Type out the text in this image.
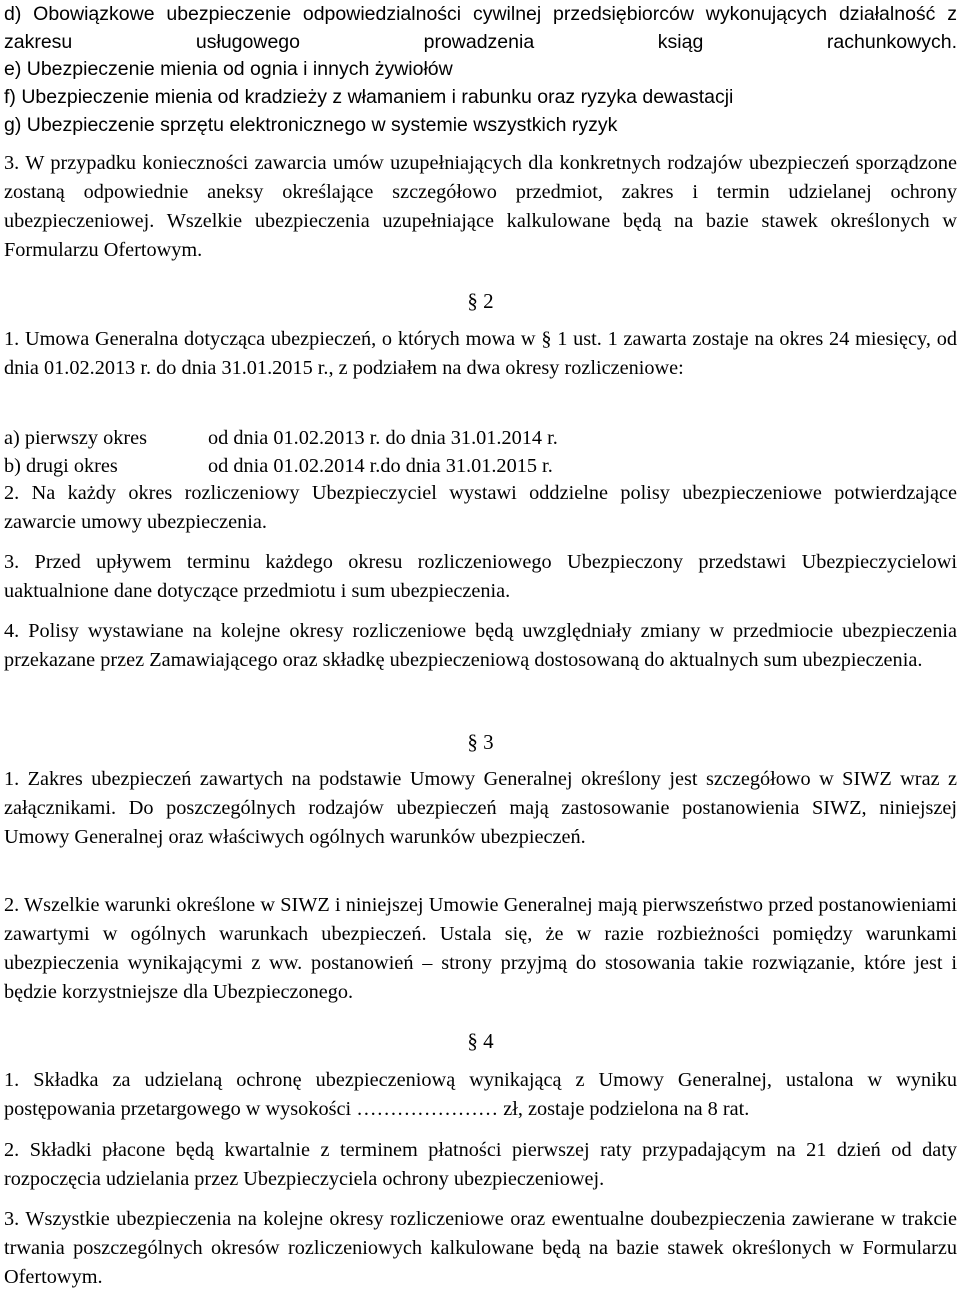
d) Obowiązkowe ubezpieczenie odpowiedzialności cywilnej przedsiębiorców wykonujących działalność z zakresu usługowego prowadzenia ksiąg rachunkowych.

e) Ubezpieczenie mienia od ognia i innych żywiołów

f) Ubezpieczenie mienia od kradzieży z włamaniem i rabunku oraz ryzyka dewastacji

g) Ubezpieczenie sprzętu elektronicznego w systemie wszystkich ryzyk

3. W przypadku konieczności zawarcia umów uzupełniających dla konkretnych rodzajów ubezpieczeń sporządzone zostaną odpowiednie aneksy określające szczegółowo przedmiot, zakres i termin udzielanej ochrony ubezpieczeniowej. Wszelkie ubezpieczenia uzupełniające kalkulowane będą na bazie stawek określonych w Formularzu Ofertowym.

§ 2

1. Umowa Generalna dotycząca ubezpieczeń, o których mowa w § 1 ust. 1 zawarta zostaje na okres 24 miesięcy, od dnia 01.02.2013 r. do dnia 31.01.2015 r., z podziałem na dwa okresy rozliczeniowe:

a) pierwszy okres	od dnia 01.02.2013 r. do dnia 31.01.2014 r.
b) drugi okres	od dnia 01.02.2014 r.do dnia 31.01.2015 r.

2. Na każdy okres rozliczeniowy Ubezpieczyciel wystawi oddzielne polisy ubezpieczeniowe potwierdzające zawarcie umowy ubezpieczenia.

3. Przed upływem terminu każdego okresu rozliczeniowego Ubezpieczony przedstawi Ubezpieczycielowi uaktualnione dane dotyczące przedmiotu i sum ubezpieczenia.

4. Polisy wystawiane na kolejne okresy rozliczeniowe będą uwzględniały zmiany w przedmiocie ubezpieczenia przekazane przez Zamawiającego oraz składkę ubezpieczeniową dostosowaną do aktualnych sum ubezpieczenia.

§ 3

1. Zakres ubezpieczeń zawartych na podstawie Umowy Generalnej określony jest szczegółowo w SIWZ wraz z załącznikami. Do poszczególnych rodzajów ubezpieczeń mają zastosowanie postanowienia SIWZ, niniejszej Umowy Generalnej oraz właściwych ogólnych warunków ubezpieczeń.

2. Wszelkie warunki określone w SIWZ i niniejszej Umowie Generalnej mają pierwszeństwo przed postanowieniami zawartymi w ogólnych warunkach ubezpieczeń. Ustala się, że w razie rozbieżności pomiędzy warunkami ubezpieczenia wynikającymi z ww. postanowień – strony przyjmą do stosowania takie rozwiązanie, które jest i będzie korzystniejsze dla Ubezpieczonego.

§ 4

1. Składka za udzielaną ochronę ubezpieczeniową wynikającą z Umowy Generalnej, ustalona w wyniku postępowania przetargowego w wysokości ………………… zł, zostaje podzielona na 8 rat.

2. Składki płacone będą kwartalnie z terminem płatności pierwszej raty przypadającym na 21 dzień od daty rozpoczęcia udzielania przez Ubezpieczyciela ochrony ubezpieczeniowej.

3. Wszystkie ubezpieczenia na kolejne okresy rozliczeniowe oraz ewentualne doubezpieczenia zawierane w trakcie trwania poszczególnych okresów rozliczeniowych kalkulowane będą na bazie stawek określonych w Formularzu Ofertowym.
